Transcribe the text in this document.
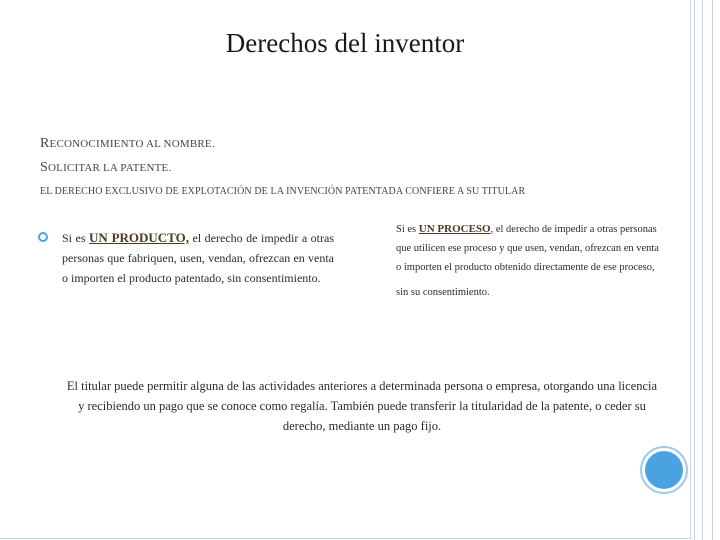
Derechos del inventor
RECONOCIMIENTO AL NOMBRE.
SOLICITAR LA PATENTE.
EL DERECHO EXCLUSIVO DE EXPLOTACIÓN DE LA INVENCIÓN PATENTADA CONFIERE A SU TITULAR
Si es UN PRODUCTO, el derecho de impedir a otras personas que fabriquen, usen, vendan, ofrezcan en venta o importen el producto patentado, sin consentimiento.
Si es UN PROCESO, el derecho de impedir a otras personas que utilicen ese proceso y que usen, vendan, ofrezcan en venta o importen el producto obtenido directamente de ese proceso,
sin su consentimiento.
El titular puede permitir alguna de las actividades anteriores a determinada persona o empresa, otorgando una licencia y recibiendo un pago que se conoce como regalía. También puede transferir la titularidad de la patente, o ceder su derecho, mediante un pago fijo.
